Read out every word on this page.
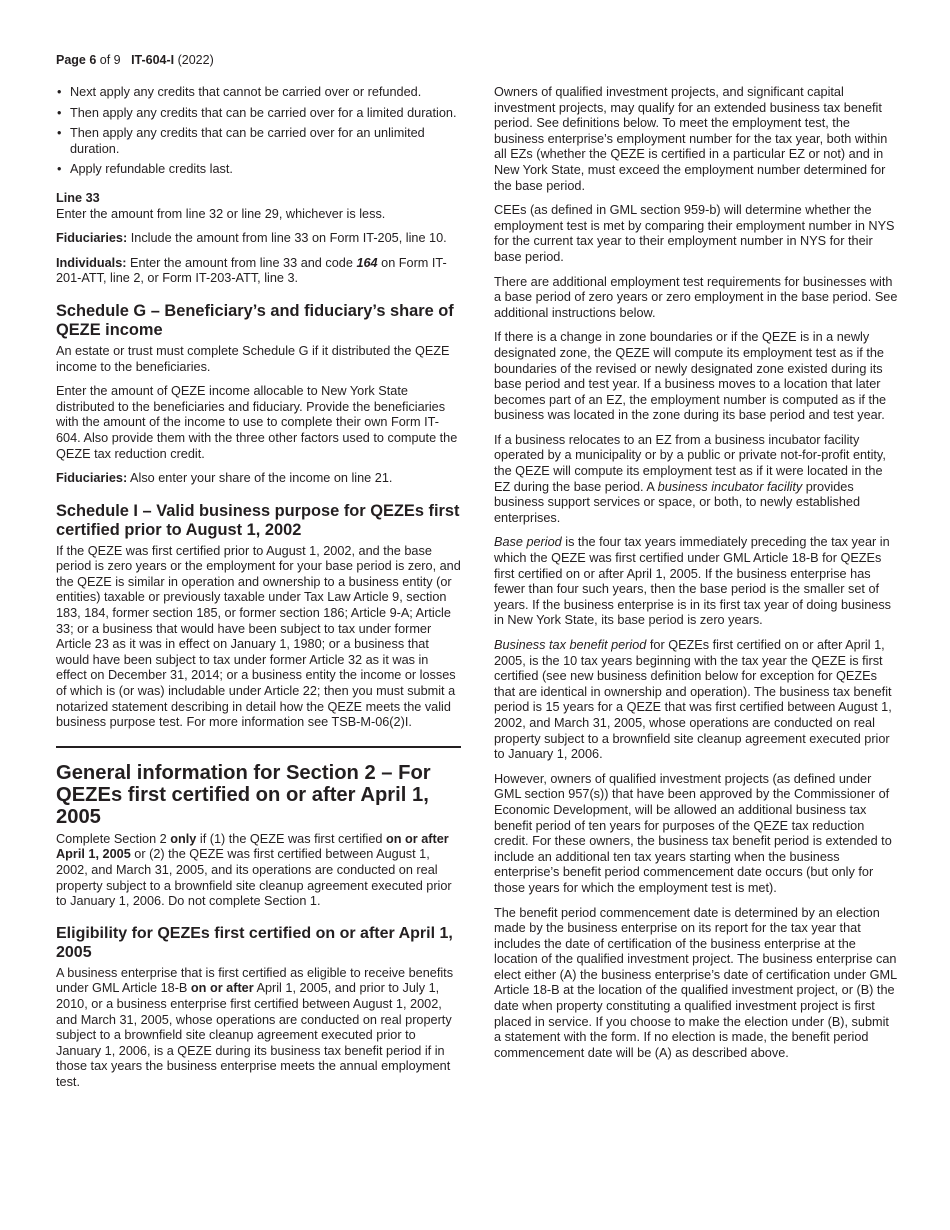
Page 6 of 9 IT-604-I (2022)
• Next apply any credits that cannot be carried over or refunded.
• Then apply any credits that can be carried over for a limited duration.
• Then apply any credits that can be carried over for an unlimited duration.
• Apply refundable credits last.
Line 33

Enter the amount from line 32 or line 29, whichever is less.

Fiduciaries: Include the amount from line 33 on Form IT-205, line 10.

Individuals: Enter the amount from line 33 and code 164 on Form IT-201-ATT, line 2, or Form IT-203-ATT, line 3.

Schedule G – Beneficiary’s and fiduciary’s share of QEZE income

An estate or trust must complete Schedule G if it distributed the QEZE income to the beneficiaries.

Enter the amount of QEZE income allocable to New York State distributed to the beneficiaries and fiduciary. Provide the beneficiaries with the amount of the income to use to complete their own Form IT-604. Also provide them with the three other factors used to compute the QEZE tax reduction credit.

Fiduciaries: Also enter your share of the income on line 21.

Schedule I – Valid business purpose for QEZEs first certified prior to August 1, 2002

If the QEZE was first certified prior to August 1, 2002, and the base period is zero years or the employment for your base period is zero, and the QEZE is similar in operation and ownership to a business entity (or entities) taxable or previously taxable under Tax Law Article 9, section 183, 184, former section 185, or former section 186; Article 9-A; Article 33; or a business that would have been subject to tax under former Article 23 as it was in effect on January 1, 1980; or a business that would have been subject to tax under former Article 32 as it was in effect on December 31, 2014; or a business entity the income or losses of which is (or was) includable under Article 22; then you must submit a notarized statement describing in detail how the QEZE meets the valid business purpose test. For more information see TSB-M-06(2)I.

General information for Section 2 – For QEZEs first certified on or after April 1, 2005

Complete Section 2 only if (1) the QEZE was first certified on or after April 1, 2005 or (2) the QEZE was first certified between August 1, 2002, and March 31, 2005, and its operations are conducted on real property subject to a brownfield site cleanup agreement executed prior to January 1, 2006. Do not complete Section 1.

Eligibility for QEZEs first certified on or after April 1, 2005

A business enterprise that is first certified as eligible to receive benefits under GML Article 18-B on or after April 1, 2005, and prior to July 1, 2010, or a business enterprise first certified between August 1, 2002, and March 31, 2005, whose operations are conducted on real property subject to a brownfield site cleanup agreement executed prior to January 1, 2006, is a QEZE during its business tax benefit period if in those tax years the business enterprise meets the annual employment test.

Owners of qualified investment projects, and significant capital investment projects, may qualify for an extended business tax benefit period. See definitions below. To meet the employment test, the business enterprise’s employment number for the tax year, both within all EZs (whether the QEZE is certified in a particular EZ or not) and in New York State, must exceed the employment number determined for the base period.

CEEs (as defined in GML section 959-b) will determine whether the employment test is met by comparing their employment number in NYS for the current tax year to their employment number in NYS for their base period.

There are additional employment test requirements for businesses with a base period of zero years or zero employment in the base period. See additional instructions below.

If there is a change in zone boundaries or if the QEZE is in a newly designated zone, the QEZE will compute its employment test as if the boundaries of the revised or newly designated zone existed during its base period and test year. If a business moves to a location that later becomes part of an EZ, the employment number is computed as if the business was located in the zone during its base period and test year.

If a business relocates to an EZ from a business incubator facility operated by a municipality or by a public or private not-for-profit entity, the QEZE will compute its employment test as if it were located in the EZ during the base period. A business incubator facility provides business support services or space, or both, to newly established enterprises.

Base period is the four tax years immediately preceding the tax year in which the QEZE was first certified under GML Article 18-B for QEZEs first certified on or after April 1, 2005. If the business enterprise has fewer than four such years, then the base period is the smaller set of years. If the business enterprise is in its first tax year of doing business in New York State, its base period is zero years.

Business tax benefit period for QEZEs first certified on or after April 1, 2005, is the 10 tax years beginning with the tax year the QEZE is first certified (see new business definition below for exception for QEZEs that are identical in ownership and operation). The business tax benefit period is 15 years for a QEZE that was first certified between August 1, 2002, and March 31, 2005, whose operations are conducted on real property subject to a brownfield site cleanup agreement executed prior to January 1, 2006.

However, owners of qualified investment projects (as defined under GML section 957(s)) that have been approved by the Commissioner of Economic Development, will be allowed an additional business tax benefit period of ten years for purposes of the QEZE tax reduction credit. For these owners, the business tax benefit period is extended to include an additional ten tax years starting when the business enterprise’s benefit period commencement date occurs (but only for those years for which the employment test is met).

The benefit period commencement date is determined by an election made by the business enterprise on its report for the tax year that includes the date of certification of the business enterprise at the location of the qualified investment project. The business enterprise can elect either (A) the business enterprise’s date of certification under GML Article 18-B at the location of the qualified investment project, or (B) the date when property constituting a qualified investment project is first placed in service. If you choose to make the election under (B), submit a statement with the form. If no election is made, the benefit period commencement date will be (A) as described above.
